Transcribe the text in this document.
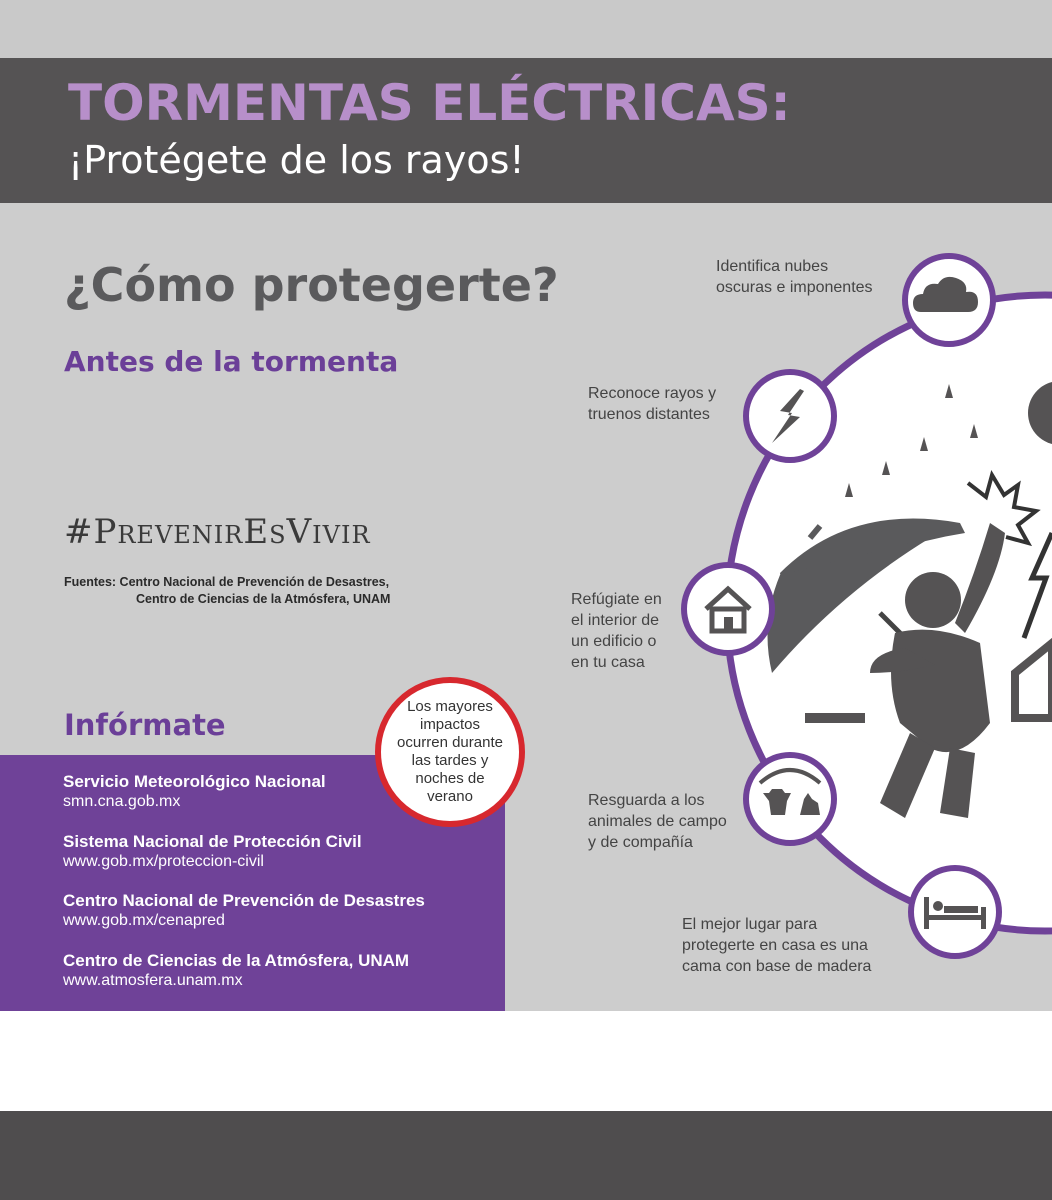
TORMENTAS ELÉCTRICAS:
¡Protégete de los rayos!
Identifica nubes
oscuras e imponentes
Reconoce rayos y
truenos distantes
Refúgiate en
el interior de
un edificio o
en tu casa
Resguarda a los
animales de campo
y de compañía
El mejor lugar para
protegerte en casa es una
cama con base de madera
¿Cómo protegerte?
Antes de la tormenta
#PrevenirEsVivir
Fuentes: Centro Nacional de Prevención de Desastres,
Centro de Ciencias de la Atmósfera, UNAM
Infórmate
Servicio Meteorológico Nacional
smn.cna.gob.mx
Sistema Nacional de Protección Civil
www.gob.mx/proteccion-civil
Centro Nacional de Prevención de Desastres
www.gob.mx/cenapred
Centro de Ciencias de la Atmósfera, UNAM
www.atmosfera.unam.mx
Los mayores impactos ocurren durante las tardes y noches de verano
